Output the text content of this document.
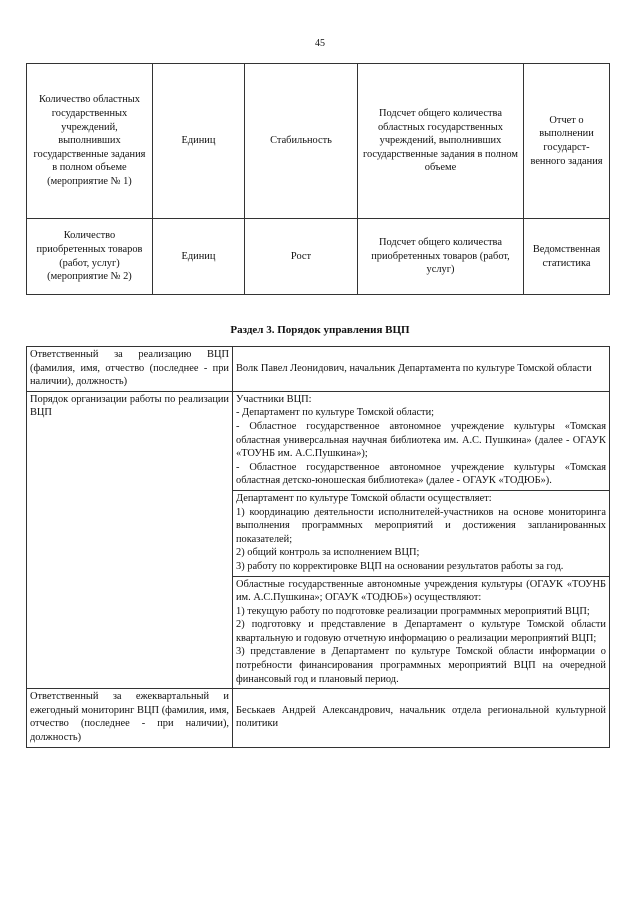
45
Количество областных государственных учреждений, выполнивших государственные задания в полном объеме (мероприятие № 1)	Единиц	Стабильность	Подсчет общего количества областных государственных учреждений, выполнивших государственные задания в полном объеме	Отчет о выполнении государст-венного задания
Количество приобретенных товаров (работ, услуг) (мероприятие № 2)	Единиц	Рост	Подсчет общего количества приобретенных товаров (работ, услуг)	Ведомственная статистика
Раздел 3. Порядок управления ВЦП
Ответственный за реализацию ВЦП (фамилия, имя, отчество (последнее - при наличии), должность)	Волк Павел Леонидович, начальник Департамента по культуре Томской области
Порядок организации работы по реализации ВЦП	Участники ВЦП:

- Департамент по культуре Томской области;

- Областное государственное автономное учреждение культуры «Томская областная универсальная научная библиотека им. А.С. Пушкина» (далее - ОГАУК «ТОУНБ им. А.С.Пушкина»);

- Областное государственное автономное учреждение культуры «Томская областная детско-юношеская библиотека» (далее - ОГАУК «ТОДЮБ»).

	Департамент по культуре Томской области осуществляет:

1) координацию деятельности исполнителей-участников на основе мониторинга выполнения программных мероприятий и достижения запланированных показателей;

2) общий контроль за исполнением ВЦП;

3) работу по корректировке ВЦП на основании результатов работы за год.

	Областные государственные автономные учреждения культуры (ОГАУК «ТОУНБ им. А.С.Пушкина»; ОГАУК «ТОДЮБ») осуществляют:

1) текущую работу по подготовке реализации программных мероприятий ВЦП;

2) подготовку и представление в Департамент о культуре Томской области квартальную и годовую отчетную информацию о реализации мероприятий ВЦП;

3) представление в Департамент по культуре Томской области информации о потребности финансирования программных мероприятий ВЦП на очередной финансовый год и плановый период.

Ответственный за ежеквартальный и ежегодный мониторинг ВЦП (фамилия, имя, отчество (последнее - при наличии), должность)	Беськаев Андрей Александрович, начальник отдела региональной культурной политики
